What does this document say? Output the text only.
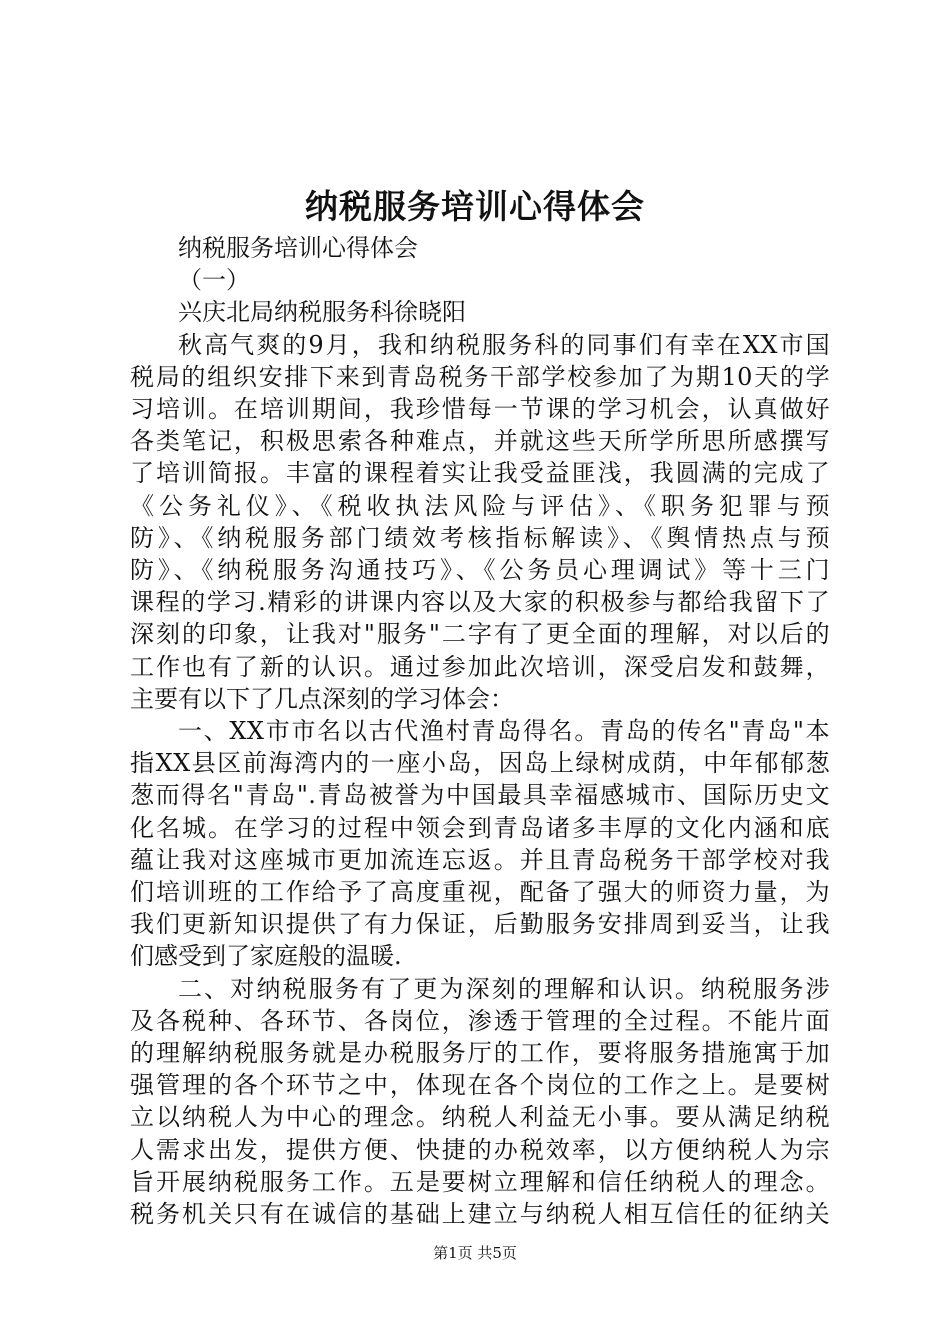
纳税服务培训心得体会
纳税服务培训心得体会
（一）
兴庆北局纳税服务科徐晓阳
秋高气爽的9月，我和纳税服务科的同事们有幸在XX市国
税局的组织安排下来到青岛税务干部学校参加了为期10天的学
习培训。在培训期间，我珍惜每一节课的学习机会，认真做好
各类笔记，积极思索各种难点，并就这些天所学所思所感撰写
了培训简报。丰富的课程着实让我受益匪浅，我圆满的完成了
《公务礼仪》、《税收执法风险与评估》、《职务犯罪与预
防》、《纳税服务部门绩效考核指标解读》、《舆情热点与预
防》、《纳税服务沟通技巧》、《公务员心理调试》等十三门
课程的学习.精彩的讲课内容以及大家的积极参与都给我留下了
深刻的印象，让我对"服务"二字有了更全面的理解，对以后的
工作也有了新的认识。通过参加此次培训，深受启发和鼓舞，
主要有以下了几点深刻的学习体会：
一、XX市市名以古代渔村青岛得名。青岛的传名"青岛"本
指XX县区前海湾内的一座小岛，因岛上绿树成荫，中年郁郁葱
葱而得名"青岛".青岛被誉为中国最具幸福感城市、国际历史文
化名城。在学习的过程中领会到青岛诸多丰厚的文化内涵和底
蕴让我对这座城市更加流连忘返。并且青岛税务干部学校对我
们培训班的工作给予了高度重视，配备了强大的师资力量，为
我们更新知识提供了有力保证，后勤服务安排周到妥当，让我
们感受到了家庭般的温暖.
二、对纳税服务有了更为深刻的理解和认识。纳税服务涉
及各税种、各环节、各岗位，渗透于管理的全过程。不能片面
的理解纳税服务就是办税服务厅的工作，要将服务措施寓于加
强管理的各个环节之中，体现在各个岗位的工作之上。是要树
立以纳税人为中心的理念。纳税人利益无小事。要从满足纳税
人需求出发，提供方便、快捷的办税效率，以方便纳税人为宗
旨开展纳税服务工作。五是要树立理解和信任纳税人的理念。
税务机关只有在诚信的基础上建立与纳税人相互信任的征纳关
第1页 共5页
